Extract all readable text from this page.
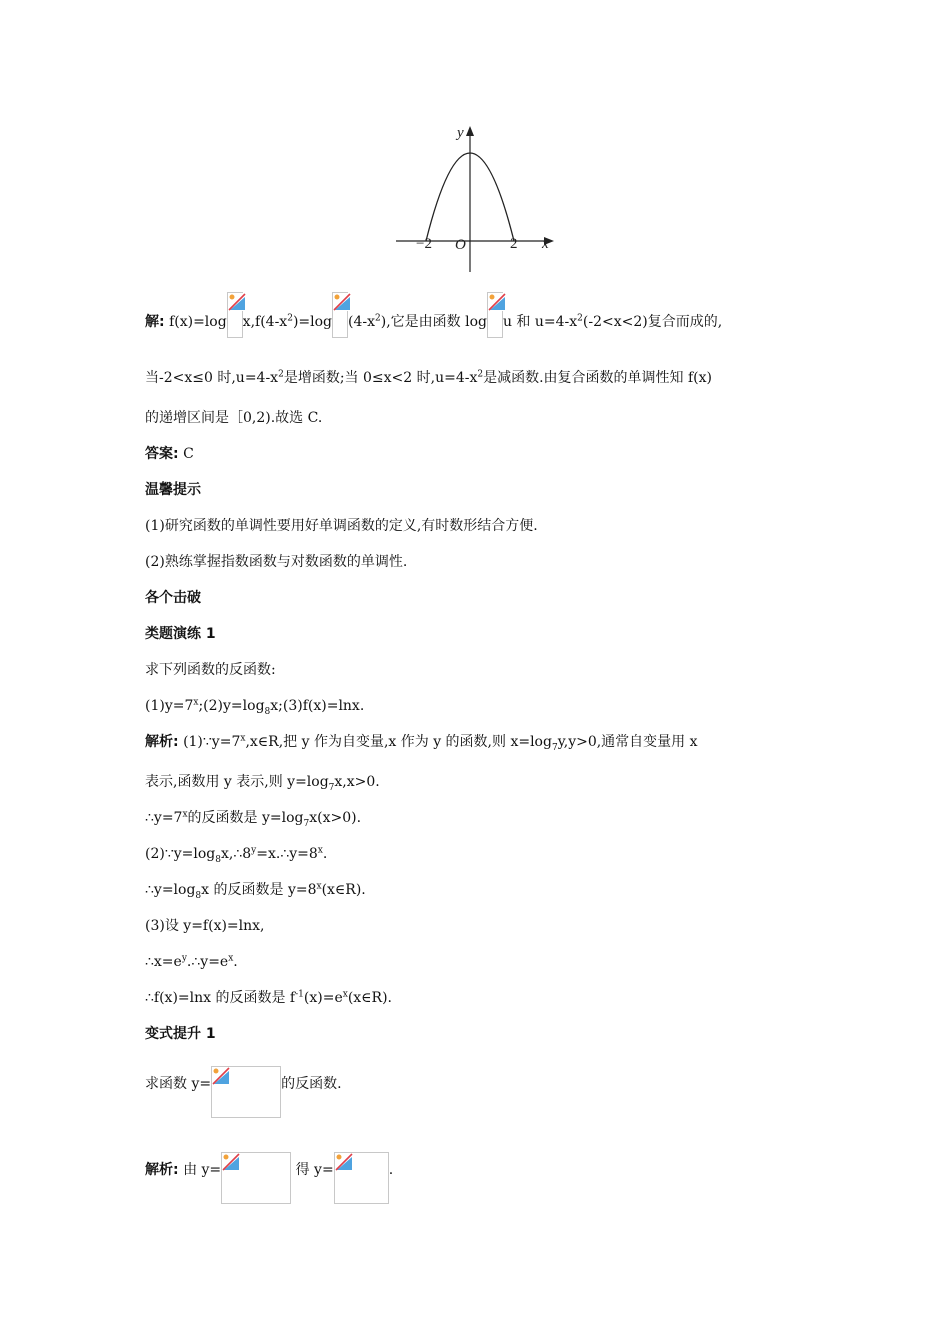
y
x
O
−2	2
解: f(x)=log $x,f(4-x^2)=\log$ $(4-x^2)$,它是由函数 log u 和 $u=4-x^2(-2<x<2)$复合而成的,
当-2<x≤0 时$,u=4-x^2$是增函数;当 0≤x<2 时$,u=4-x^2$是减函数.由复合函数的单调性知 f(x)
的递增区间是［0,2).故选 C.
答案: C
温馨提示
(1)研究函数的单调性要用好单调函数的定义,有时数形结合方便.
(2)熟练掌握指数函数与对数函数的单调性.
各个击破
类题演练 1
求下列函数的反函数:
$(1)y=7^x;(2)y=\log_8x;(3)f(x)=\ln x$.
解析: $(1)\because y=7^x,x\in R$,把 y 作为自变量,x 作为 y 的函数,则 $x=\log_7y,y>0$,通常自变量用 x
表示,函数用 y 表示,则 $y=\log_7x,x>0$.
$\therefore y=7^x$的反函数是 $y=\log_7x(x>0)$.
$(2)\because y=\log_8x,\therefore 8^y=x.\therefore y=8^x$.
$\therefore y=\log_8x$ 的反函数是 $y=8^x(x\in R)$.
(3)设 y=f(x)=lnx,
$\therefore x=e^y.\therefore y=e^x$.
∴f(x)=lnx 的反函数是 $f^{-1}(x)=e^x(x\in R)$.
变式提升 1
求函数 y=	的反函数.
解析: 由 y=	得 y=	.
